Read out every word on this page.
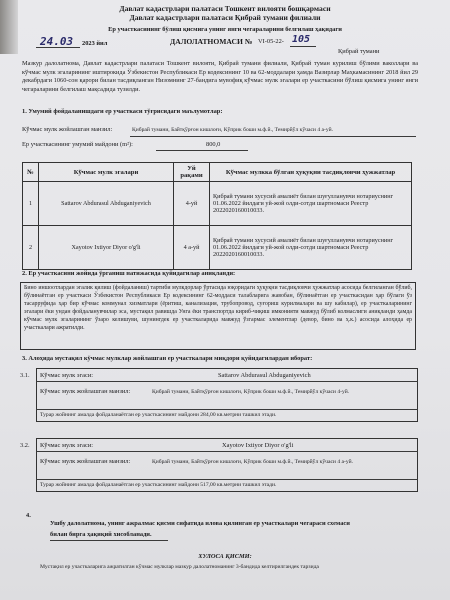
Давлат кадастрлари палатаси Тошкент вилояти бошқармаси
Давлат кадастрлари палатаси Қибрай тумани филиали
Ер участкасининг бўлиш қисмига унинг янги чегараларини белгилаш ҳақидаги
24.03 2023 йил	ДАЛОЛАТНОМАСИ № VI-05-22- 105
Қибрай тумани
Мазкур далолатнома, Давлат кадастрлари палатаси Тошкент вилояти, Қибрай тумани филиали, Қибрай туман курилиш бўлими ваколлари ва кўчмас мулк эгаларининг иштирокида Ўзбекистон Республикаси Ер кодексининг 10 ва 62-моддалари ҳамда Вазирлар Маҳкамасининг 2018 йил 29 декабрдаги 1060-сон қарори билан тасдиқланган Низомнинг 27-бандига мувофиқ кўчмас мулк эгалари ер участкасини бўлиш қисмига унинг янги чегараларини белгилаш мақсадида тузилди.
1. Умумий фойдаланишдаги ер участкаси тўғрисидаги маълумотлар:
Кўчмас мулк жойлашган манзил:	Қибрай тумани, Байтқўрғон кишлоғи, Кўприк боши м.ф.й., Темирйўл кўчаси 4 а-уй.
Ер участкасининг умумий майдони (m²):	800,0
№	Кўчмас мулк эгалари	Уй рақами	Кўчмас мулкка бўлган ҳуқуқни тасдиқловчи ҳужжатлар
1	Sattarov Abdurasul Abduganiyevich	4-уй	Қибрай тумани хусусий амалиёт билан шуғулланувчи нотариуснинг 01.06.2022 йилдаги уй-жой олди-сотди шартномаси Реестр 2022020160010033.
2	Xayotov Ixtiyor Diyor o'g'li	4 а-уй	Қибрай тумани хусусий амалиёт билан шуғулланувчи нотариуснинг 01.06.2022 йилдаги уй-жой олди-сотди шартномаси Реестр 2022020160010033.
2. Ер участкасини жойида ўрганиш натижасида қуйидагилар аниқланди:
Бино иншоотлардан эгалик қилиш (фойдаланиш) тартиби мулкдорлар ўртасида юқоридаги ҳуқуқни тасдиқловчи ҳужжатлар асосида белгиланган бўлиб, бўлинаётган ер участкаси Ўзбекистон Республикаси Ер кодексининг 62-моддаси талабларига жавобан, бўлинаётган ер участкасидан ҳар бўлаги ўз тасарруфида ҳар бир кўчмас коммунал хизматлари (ёритиш, канализация, трубопровод, суғориш курилмалари ва шу кабилар), ер участкаларининг эгалари ёки ундан фойдаланувчилар эса, мустақил равишда Унга ёки транспортда кириб-чиқиш имконияти мавжуд бўлиб колмаслиги аниқланди ҳамда кўчмас мулк эгаларининг ўзаро келишуви, шунингдек ер участкаларида мавжуд ўзгармас элементлар (девор, бино ва ҳ.к.) асосида алоҳида ер участкалари ажратилди.
3. Алоҳида мустақил кўчмас мулклар жойлашган ер участкалари миқдори қуйидагилардан иборат:
3.1. Кўчмас мулк эгаси:	Sattarov Abdurasul Abduganiyevich
Кўчмас мулк жойлашган манзил:	Қибрай тумани, Байтқўрғон кишлоғи, Кўприк боши м.ф.й., Темирйўл кўчаси 4-уй.
Турар жойнинг амалда фойдаланаётган ер участкасининг майдони 284,00 кв.метрни ташкил этади.
3.2. Кўчмас мулк эгаси:	Xayotov Ixtiyor Diyor o'g'li
Кўчмас мулк жойлашган манзил:	Қибрай тумани, Байтқўрғон кишлоғи, Кўприк боши м.ф.й., Темирйўл кўчаси 4 а-уй.
Турар жойнинг амалда фойдаланаётган ер участкасининг майдони 517,00 кв.метрни ташкил этади.
4.
Ушбу далолатнома, унинг ажралмас қисми сифатида илова қилинган ер участкалари чегараси схемаси
билан бирга ҳақиқий хисобланади.
ХУЛОСА ҚИСМИ:
Мустақил ер участкаларига ажратилган кўчмас мулклар мазкур далолатноманинг 3-бандида келтирилгандек тарзида
